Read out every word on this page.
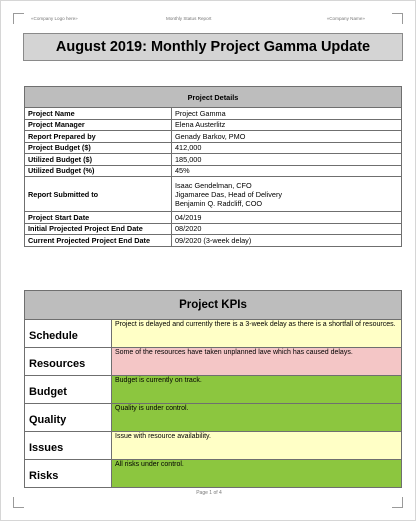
«Company Logo here»	Monthly Status Report	«Company Name»
August 2019: Monthly Project Gamma Update
Project Details	
Project Name	Project Gamma
Project Manager	Elena Austerlitz
Report Prepared by	Genady Barkov, PMO
Project Budget ($)	412,000
Utilized Budget ($)	185,000
Utilized Budget (%)	45%
Report Submitted to	Isaac Gendelman, CFO
Jigamaree Das, Head of Delivery
Benjamin Q. Radcliff, COO

Project Start Date	04/2019
Initial Projected Project End Date	08/2020
Current Projected Project End Date	09/2020 (3-week delay)
Project KPIs	
Schedule	Project is delayed and currently there is a 3-week delay as there is a shortfall of resources.
Resources	Some of the resources have taken unplanned lave which has caused delays.
Budget	Budget is currently on track.
Quality	Quality is under control.
Issues	Issue with resource availability.
Risks	All risks under control.
Page 1 of 4
